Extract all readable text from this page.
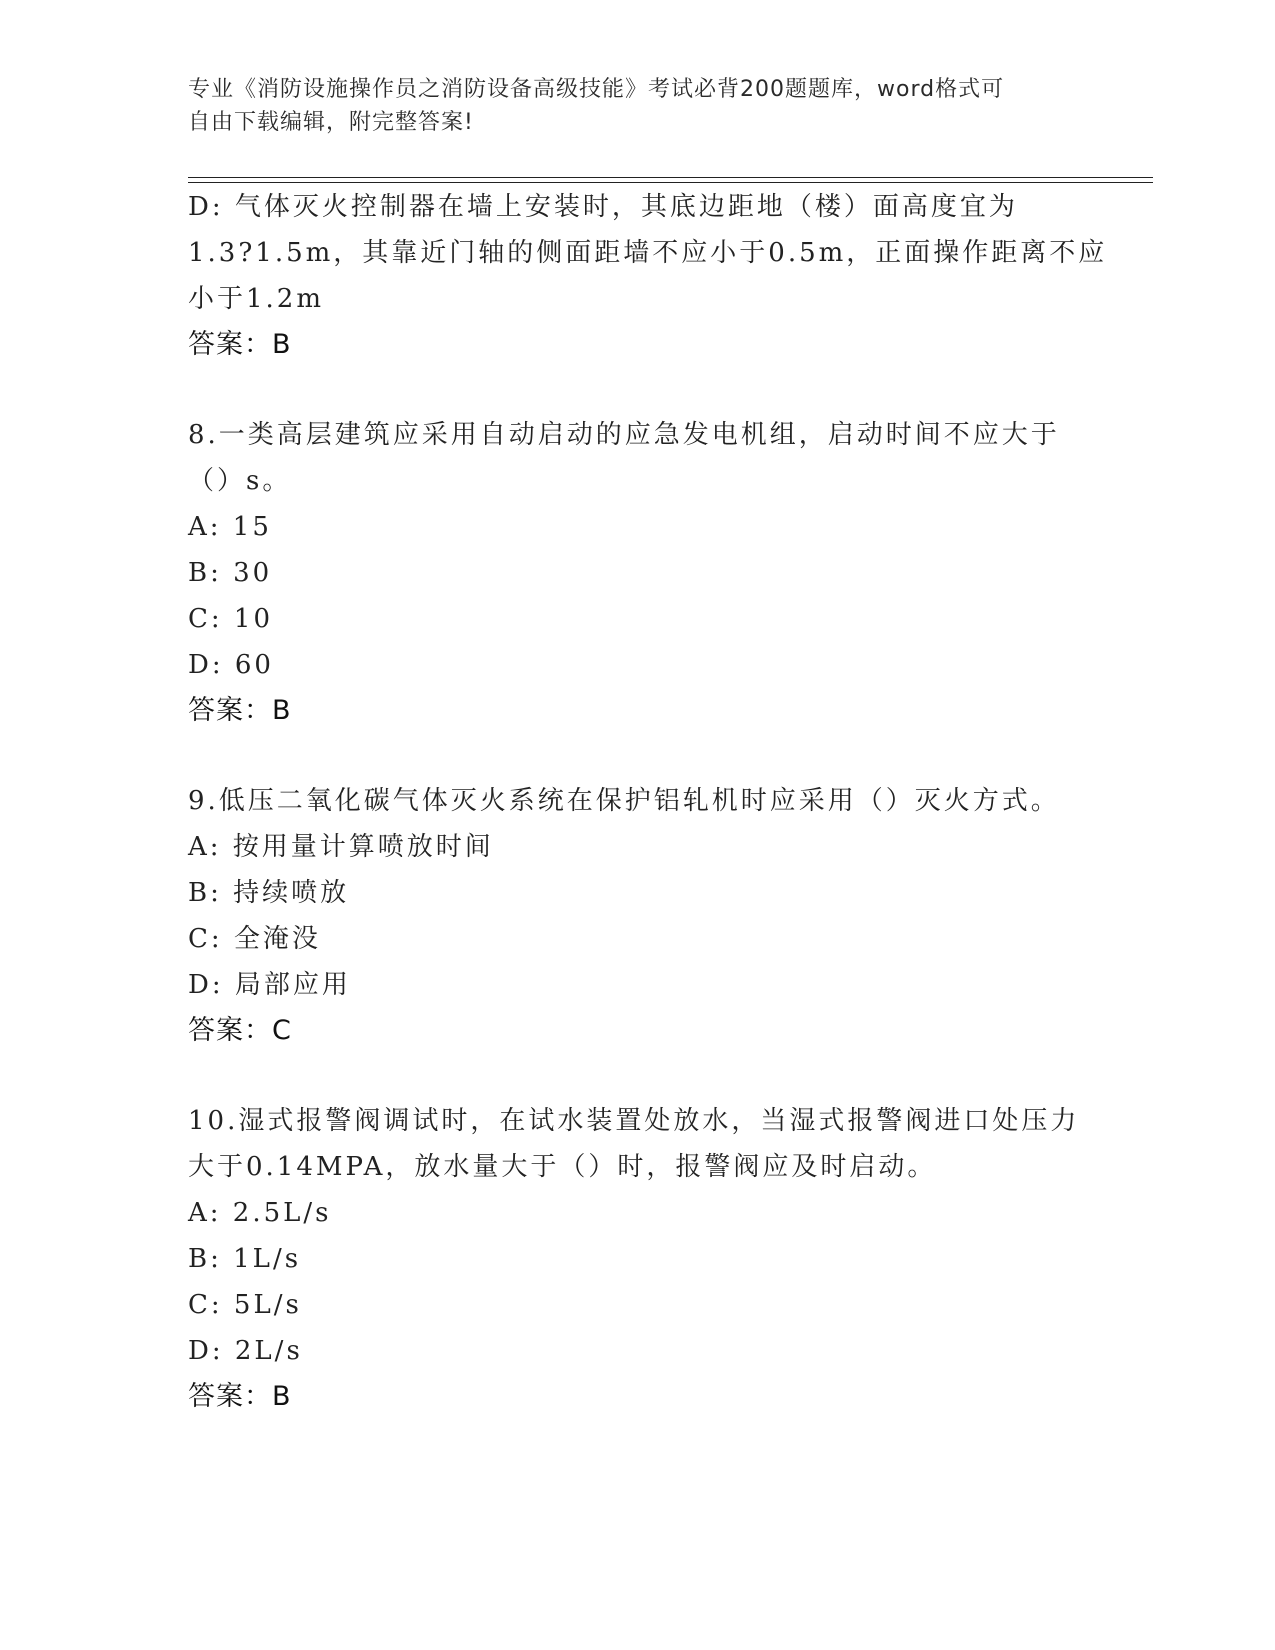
专业《消防设施操作员之消防设备高级技能》考试必背200题题库，word格式可
自由下载编辑，附完整答案!
D: 气体灭火控制器在墙上安装时，其底边距地（楼）面高度宜为
1.3?1.5m，其靠近门轴的侧面距墙不应小于0.5m，正面操作距离不应
小于1.2m
答案：B
8.一类高层建筑应采用自动启动的应急发电机组，启动时间不应大于
（）s。
A: 15
B: 30
C: 10
D: 60
答案：B
9.低压二氧化碳气体灭火系统在保护铝轧机时应采用（）灭火方式。
A: 按用量计算喷放时间
B: 持续喷放
C: 全淹没
D: 局部应用
答案：C
10.湿式报警阀调试时，在试水装置处放水，当湿式报警阀进口处压力
大于0.14MPA，放水量大于（）时，报警阀应及时启动。
A: 2.5L/s
B: 1L/s
C: 5L/s
D: 2L/s
答案：B
